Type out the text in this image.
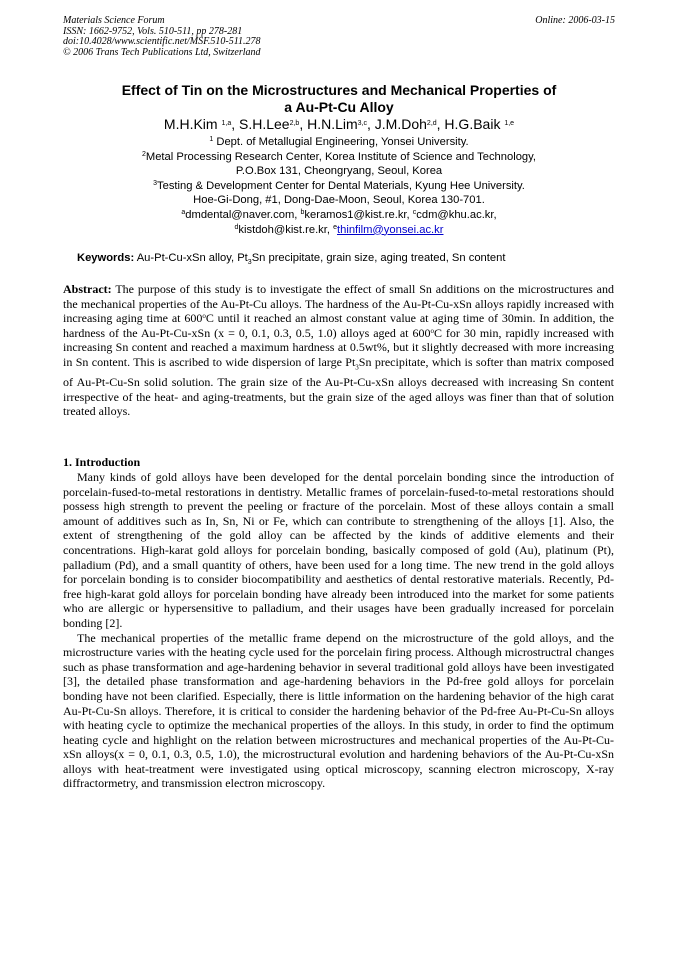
Materials Science Forum
ISSN: 1662-9752, Vols. 510-511, pp 278-281
doi:10.4028/www.scientific.net/MSF.510-511.278
© 2006 Trans Tech Publications Ltd, Switzerland
Online: 2006-03-15
Effect of Tin on the Microstructures and Mechanical Properties of
a Au-Pt-Cu Alloy
M.H.Kim $^{1,a}$, S.H.Lee$^{2,b}$, H.N.Lim$^{3,c}$, J.M.Doh$^{2,d}$, H.G.Baik $^{1,e}$
$^1$ Dept. of Metallugial Engineering, Yonsei University.
$^2$Metal Processing Research Center, Korea Institute of Science and Technology,
P.O.Box 131, Cheongryang, Seoul, Korea
$^3$Testing & Development Center for Dental Materials, Kyung Hee University.
Hoe-Gi-Dong, #1, Dong-Dae-Moon, Seoul, Korea 130-701.
$^a$dmdental@naver.com, $^b$keramos1@kist.re.kr, $^c$cdm@khu.ac.kr,
$^d$kistdoh@kist.re.kr, $^e$thinfilm@yonsei.ac.kr
Keywords: Au-Pt-Cu-xSn alloy, $Pt_3Sn$ precipitate, grain size, aging treated, Sn content
Abstract: The purpose of this study is to investigate the effect of small Sn additions on the microstructures and the mechanical properties of the Au-Pt-Cu alloys. The hardness of the Au-Pt-Cu-xSn alloys rapidly increased with increasing aging time at 600$^o$C until it reached an almost constant value at aging time of 30min. In addition, the hardness of the Au-Pt-Cu-xSn (x = 0, 0.1, 0.3, 0.5, 1.0) alloys aged at 600$^o$C for 30 min, rapidly increased with increasing Sn content and reached a maximum hardness at 0.5wt%, but it slightly decreased with more increasing in Sn content. This is ascribed to wide dispersion of large $Pt_3Sn$ precipitate, which is softer than matrix composed of Au-Pt-Cu-Sn solid solution. The grain size of the Au-Pt-Cu-xSn alloys decreased with increasing Sn content irrespective of the heat- and aging-treatments, but the grain size of the aged alloys was finer than that of solution treated alloys.
1. Introduction

Many kinds of gold alloys have been developed for the dental porcelain bonding since the introduction of porcelain-fused-to-metal restorations in dentistry. Metallic frames of porcelain-fused-to-metal restorations should possess high strength to prevent the peeling or fracture of the porcelain. Most of these alloys contain a small amount of additives such as In, Sn, Ni or Fe, which can contribute to strengthening of the alloys [1]. Also, the extent of strengthening of the gold alloy can be affected by the kinds of additive elements and their concentrations. High-karat gold alloys for porcelain bonding, basically composed of gold (Au), platinum (Pt), palladium (Pd), and a small quantity of others, have been used for a long time. The new trend in the gold alloys for porcelain bonding is to consider biocompatibility and aesthetics of dental restorative materials. Recently, Pd-free high-karat gold alloys for porcelain bonding have already been introduced into the market for some patients who are allergic or hypersensitive to palladium, and their usages have been gradually increased for porcelain bonding [2].

The mechanical properties of the metallic frame depend on the microstructure of the gold alloys, and the microstructure varies with the heating cycle used for the porcelain firing process. Although microstructral changes such as phase transformation and age-hardening behavior in several traditional gold alloys have been investigated [3], the detailed phase transformation and age-hardening behaviors in the Pd-free gold alloys for porcelain bonding have not been clarified. Especially, there is little information on the hardening behavior of the high carat Au-Pt-Cu-Sn alloys. Therefore, it is critical to consider the hardening behavior of the Pd-free Au-Pt-Cu-Sn alloys with heating cycle to optimize the mechanical properties of the alloys. In this study, in order to find the optimum heating cycle and highlight on the relation between microstructures and mechanical properties of the Au-Pt-Cu-xSn alloys(x = 0, 0.1, 0.3, 0.5, 1.0), the microstructural evolution and hardening behaviors of the Au-Pt-Cu-xSn alloys with heat-treatment were investigated using optical microscopy, scanning electron microscopy, X-ray diffractormetry, and transmission electron microscopy.
